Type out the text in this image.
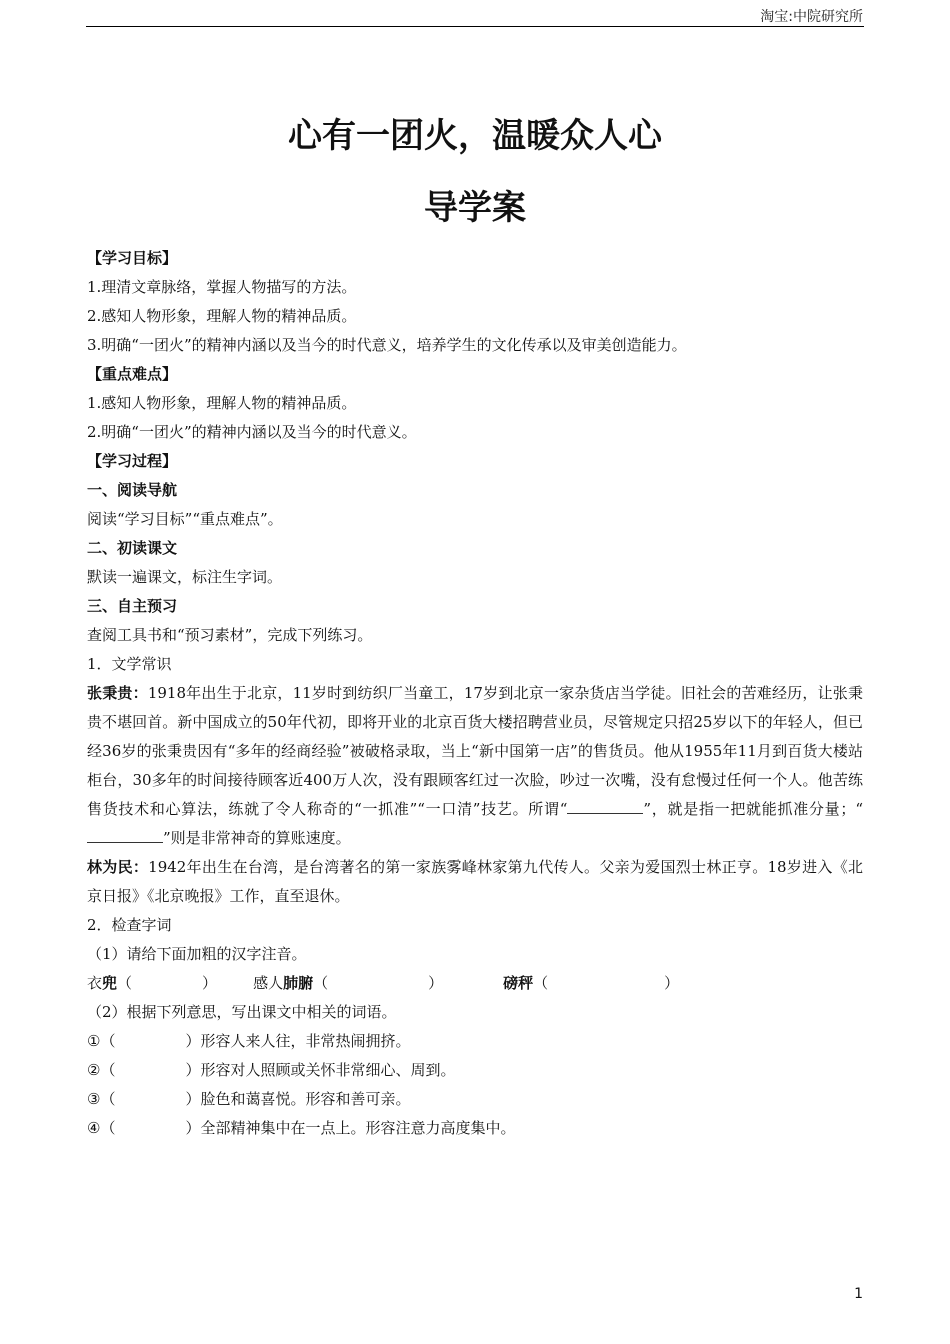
淘宝:中院研究所
心有一团火，温暖众人心
导学案

【学习目标】

1.理清文章脉络，掌握人物描写的方法。

2.感知人物形象，理解人物的精神品质。

3.明确“一团火”的精神内涵以及当今的时代意义，培养学生的文化传承以及审美创造能力。

【重点难点】

1.感知人物形象，理解人物的精神品质。

2.明确“一团火”的精神内涵以及当今的时代意义。

【学习过程】

一、阅读导航

阅读“学习目标”“重点难点”。

二、初读课文

默读一遍课文，标注生字词。

三、自主预习

查阅工具书和“预习素材”，完成下列练习。

1．文学常识

张秉贵：1918年出生于北京，11岁时到纺织厂当童工，17岁到北京一家杂货店当学徒。旧社会的苦难经历，让张秉贵不堪回首。新中国成立的50年代初，即将开业的北京百货大楼招聘营业员，尽管规定只招25岁以下的年轻人，但已经36岁的张秉贵因有“多年的经商经验”被破格录取，当上“新中国第一店”的售货员。他从1955年11月到百货大楼站柜台，30多年的时间接待顾客近400万人次，没有跟顾客红过一次脸，吵过一次嘴，没有怠慢过任何一个人。他苦练售货技术和心算法，练就了令人称奇的“一抓准”“一口清”技艺。所谓“	”，就是指一把就能抓准分量；“”则是非常神奇的算账速度。

林为民：1942年出生在台湾，是台湾著名的第一家族雾峰林家第九代传人。父亲为爱国烈士林正亨。18岁进入《北京日报》《北京晚报》工作，直至退休。

2．检查字词

（1）请给下面加粗的汉字注音。

衣兜（	） 感人肺腑（	）	磅秤（	）

（2）根据下列意思，写出课文中相关的词语。

①（	）形容人来人往，非常热闹拥挤。

②（	）形容对人照顾或关怀非常细心、周到。

③（	）脸色和蔼喜悦。形容和善可亲。

④（	）全部精神集中在一点上。形容注意力高度集中。

1
